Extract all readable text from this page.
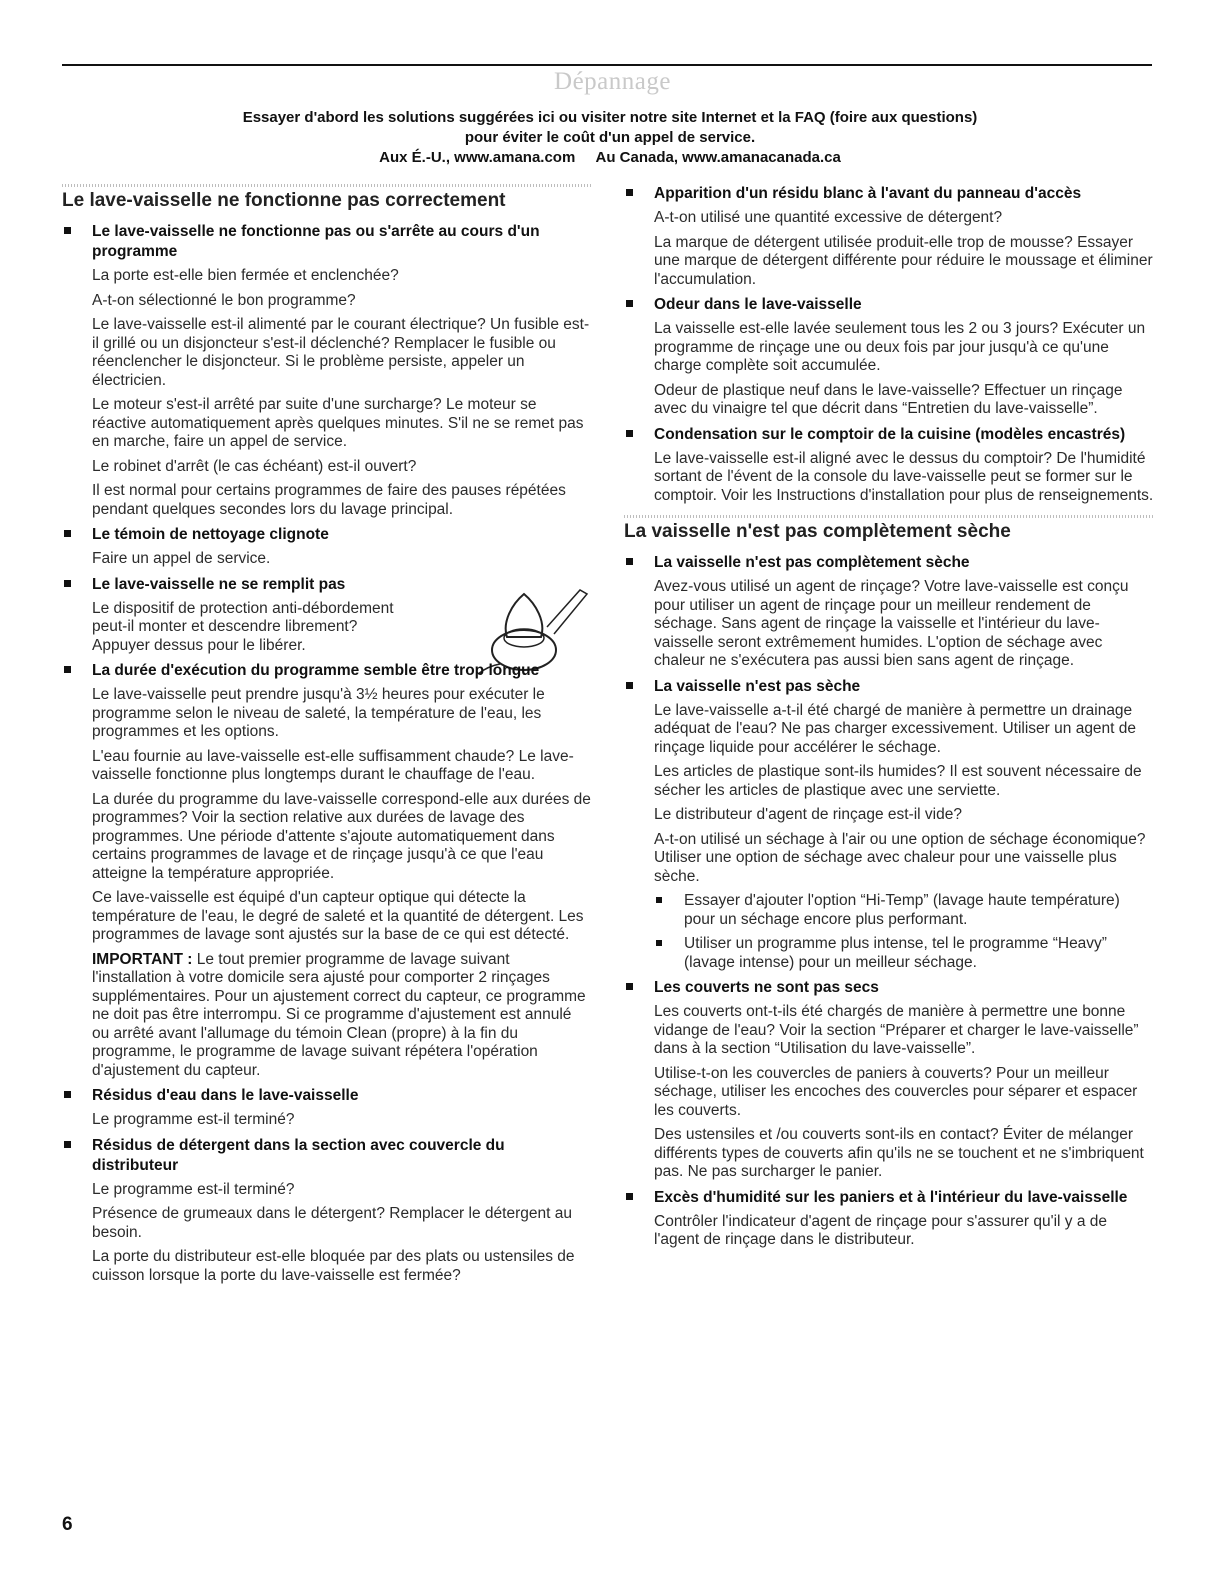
Dépannage
Essayer d'abord les solutions suggérées ici ou visiter notre site Internet et la FAQ (foire aux questions)
pour éviter le coût d'un appel de service.
Aux É.-U., www.amana.com Au Canada, www.amanacanada.ca
Le lave-vaisselle ne fonctionne pas correctement
Le lave-vaisselle ne fonctionne pas ou s'arrête au cours d'un programme

La porte est-elle bien fermée et enclenchée?

A-t-on sélectionné le bon programme?

Le lave-vaisselle est-il alimenté par le courant électrique? Un fusible est-il grillé ou un disjoncteur s'est-il déclenché? Remplacer le fusible ou réenclencher le disjoncteur. Si le problème persiste, appeler un électricien.

Le moteur s'est-il arrêté par suite d'une surcharge? Le moteur se réactive automatiquement après quelques minutes. S'il ne se remet pas en marche, faire un appel de service.

Le robinet d'arrêt (le cas échéant) est-il ouvert?

Il est normal pour certains programmes de faire des pauses répétées pendant quelques secondes lors du lavage principal.

Le témoin de nettoyage clignote

Faire un appel de service.

Le lave-vaisselle ne se remplit pas

Le dispositif de protection anti-débordement peut-il monter et descendre librement? Appuyer dessus pour le libérer.

La durée d'exécution du programme semble être trop longue

Le lave-vaisselle peut prendre jusqu'à 3½ heures pour exécuter le programme selon le niveau de saleté, la température de l'eau, les programmes et les options.

L'eau fournie au lave-vaisselle est-elle suffisamment chaude? Le lave-vaisselle fonctionne plus longtemps durant le chauffage de l'eau.

La durée du programme du lave-vaisselle correspond-elle aux durées de programmes? Voir la section relative aux durées de lavage des programmes. Une période d'attente s'ajoute automatiquement dans certains programmes de lavage et de rinçage jusqu'à ce que l'eau atteigne la température appropriée.

Ce lave-vaisselle est équipé d'un capteur optique qui détecte la température de l'eau, le degré de saleté et la quantité de détergent. Les programmes de lavage sont ajustés sur la base de ce qui est détecté.

IMPORTANT : Le tout premier programme de lavage suivant l'installation à votre domicile sera ajusté pour comporter 2 rinçages supplémentaires. Pour un ajustement correct du capteur, ce programme ne doit pas être interrompu. Si ce programme d'ajustement est annulé ou arrêté avant l'allumage du témoin Clean (propre) à la fin du programme, le programme de lavage suivant répétera l'opération d'ajustement du capteur.

Résidus d'eau dans le lave-vaisselle

Le programme est-il terminé?

Résidus de détergent dans la section avec couvercle du distributeur

Le programme est-il terminé?

Présence de grumeaux dans le détergent? Remplacer le détergent au besoin.

La porte du distributeur est-elle bloquée par des plats ou ustensiles de cuisson lorsque la porte du lave-vaisselle est fermée?

Apparition d'un résidu blanc à l'avant du panneau d'accès

A-t-on utilisé une quantité excessive de détergent?

La marque de détergent utilisée produit-elle trop de mousse? Essayer une marque de détergent différente pour réduire le moussage et éliminer l'accumulation.

Odeur dans le lave-vaisselle

La vaisselle est-elle lavée seulement tous les 2 ou 3 jours? Exécuter un programme de rinçage une ou deux fois par jour jusqu'à ce qu'une charge complète soit accumulée.

Odeur de plastique neuf dans le lave-vaisselle? Effectuer un rinçage avec du vinaigre tel que décrit dans “Entretien du lave-vaisselle”.

Condensation sur le comptoir de la cuisine (modèles encastrés)

Le lave-vaisselle est-il aligné avec le dessus du comptoir? De l'humidité sortant de l'évent de la console du lave-vaisselle peut se former sur le comptoir. Voir les Instructions d'installation pour plus de renseignements.

La vaisselle n'est pas complètement sèche
La vaisselle n'est pas complètement sèche

Avez-vous utilisé un agent de rinçage? Votre lave-vaisselle est conçu pour utiliser un agent de rinçage pour un meilleur rendement de séchage. Sans agent de rinçage la vaisselle et l'intérieur du lave-vaisselle seront extrêmement humides. L'option de séchage avec chaleur ne s'exécutera pas aussi bien sans agent de rinçage.

La vaisselle n'est pas sèche

Le lave-vaisselle a-t-il été chargé de manière à permettre un drainage adéquat de l'eau? Ne pas charger excessivement. Utiliser un agent de rinçage liquide pour accélérer le séchage.

Les articles de plastique sont-ils humides? Il est souvent nécessaire de sécher les articles de plastique avec une serviette.

Le distributeur d'agent de rinçage est-il vide?

A-t-on utilisé un séchage à l'air ou une option de séchage économique? Utiliser une option de séchage avec chaleur pour une vaisselle plus sèche.

Essayer d'ajouter l'option “Hi-Temp” (lavage haute température) pour un séchage encore plus performant.

Utiliser un programme plus intense, tel le programme “Heavy” (lavage intense) pour un meilleur séchage.

Les couverts ne sont pas secs

Les couverts ont-t-ils été chargés de manière à permettre une bonne vidange de l'eau? Voir la section “Préparer et charger le lave-vaisselle” dans à la section “Utilisation du lave-vaisselle”.

Utilise-t-on les couvercles de paniers à couverts? Pour un meilleur séchage, utiliser les encoches des couvercles pour séparer et espacer les couverts.

Des ustensiles et /ou couverts sont-ils en contact? Éviter de mélanger différents types de couverts afin qu'ils ne se touchent et ne s'imbriquent pas. Ne pas surcharger le panier.

Excès d'humidité sur les paniers et à l'intérieur du lave-vaisselle

Contrôler l'indicateur d'agent de rinçage pour s'assurer qu'il y a de l'agent de rinçage dans le distributeur.

6
